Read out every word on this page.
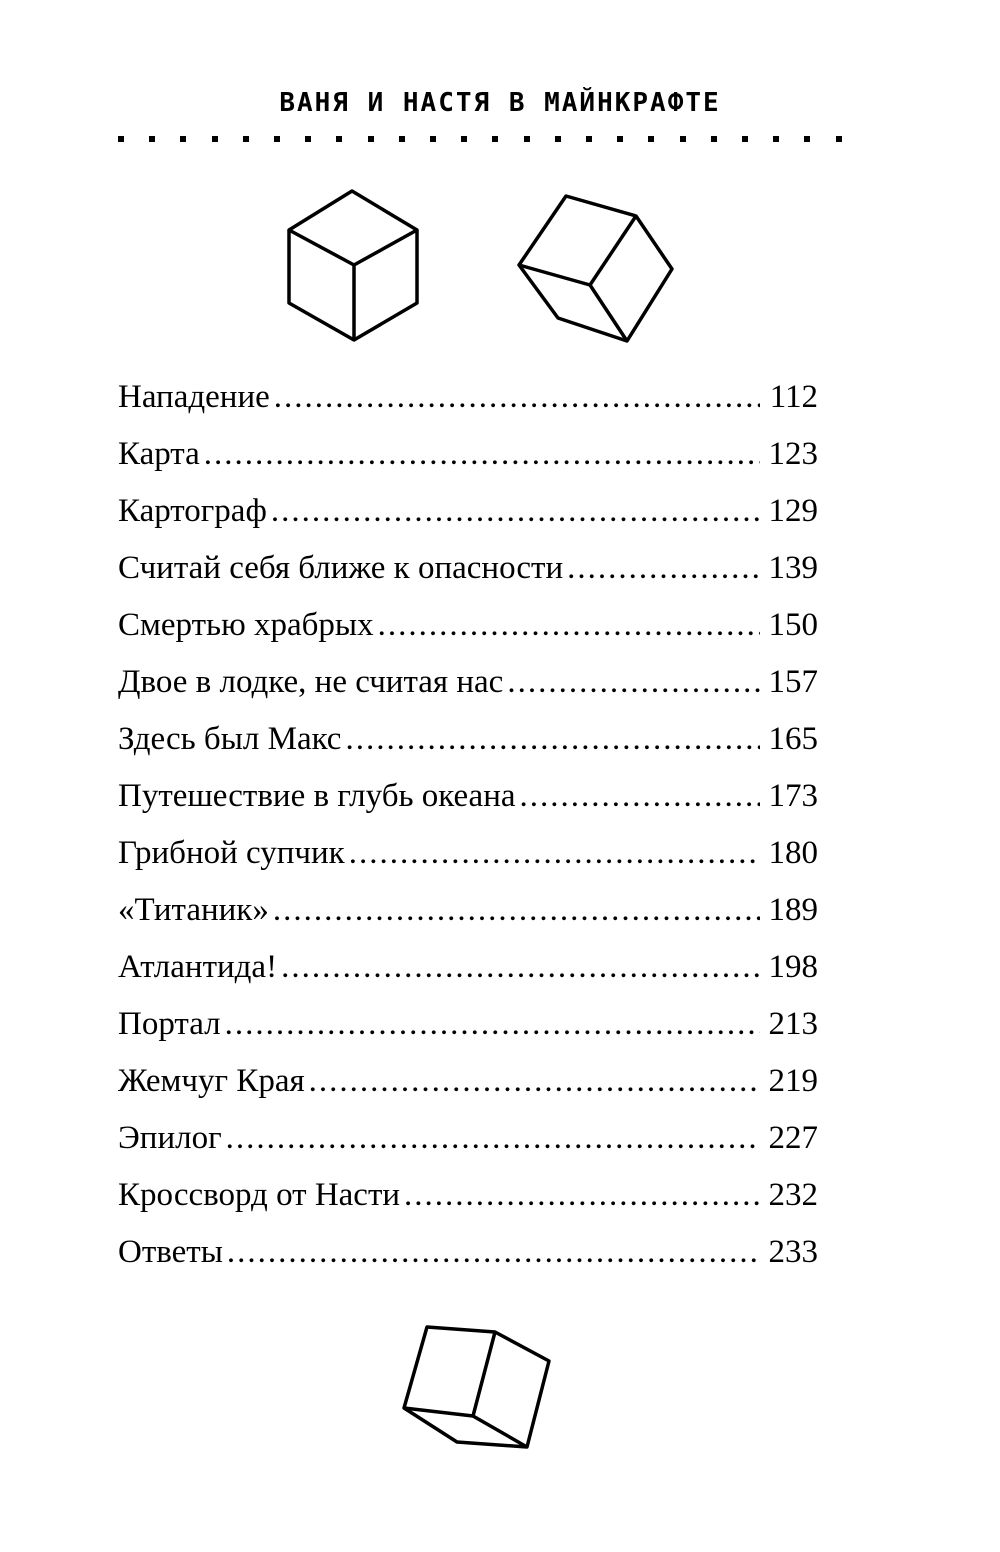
ВАНЯ И НАСТЯ В МАЙНКРАФТЕ
Нападение .....	112
Карта .....	123
Картограф .....	129
Считай себя ближе к опасности .....	139
Смертью храбрых .....	150
Двое в лодке, не считая нас .....	157
Здесь был Макс .....	165
Путешествие в глубь океана .....	173
Грибной супчик .....	180
«Титаник» .....	189
Атлантида! .....	198
Портал .....	213
Жемчуг Края .....	219
Эпилог .....	227
Кроссворд от Насти .....	232
Ответы .....	233
